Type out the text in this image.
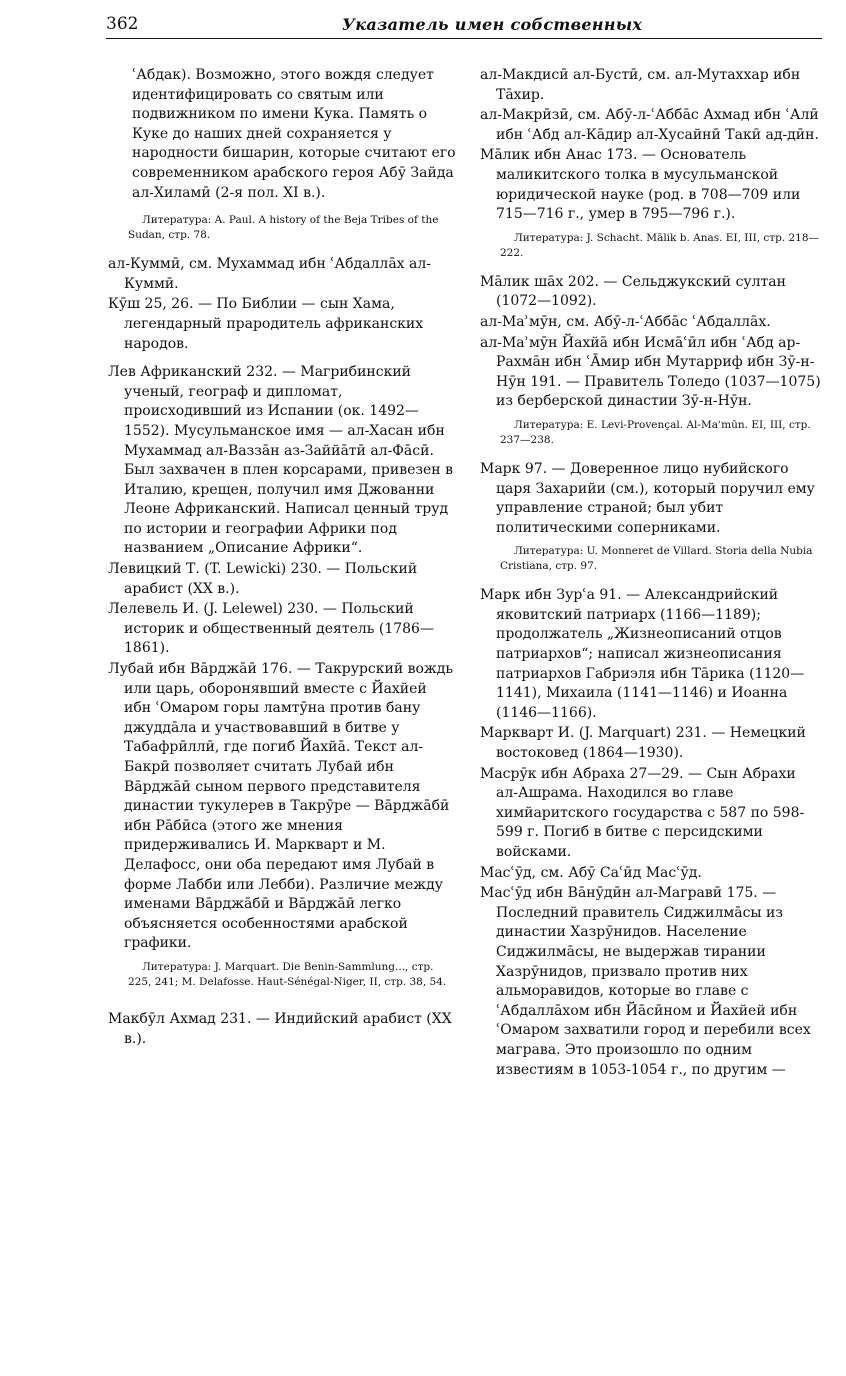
362	Указатель имен собственных

ʿАбдак). Возможно, этого вождя следует идентифицировать со святым или подвижником по имени Кука. Память о Куке до наших дней сохраняется у народности бишарин, которые считают его современником арабского героя Абӯ Зайда ал-Хиламӣ (2-я пол. XI в.).

Литература: A. Paul. A history of the Beja Tribes of the Sudan, стр. 78.

ал-Куммӣ, см. Мухаммад ибн ʿАбдаллāх ал-Куммӣ.

Кӯш 25, 26. — По Библии — сын Хама, легендарный прародитель африканских народов.

Лев Африканский 232. — Магрибинский ученый, географ и дипломат, происходивший из Испании (ок. 1492—1552). Мусульманское имя — ал-Хасан ибн Мухаммад ал-Ваззāн аз-Заййāтӣ ал-Фāсӣ. Был захвачен в плен корсарами, привезен в Италию, крещен, получил имя Джованни Леоне Африканский. Написал ценный труд по истории и географии Африки под названием „Описание Африки“.

Левицкий Т. (T. Lewicki) 230. — Польский арабист (XX в.).

Лелевель И. (J. Lelewel) 230. — Польский историк и общественный деятель (1786—1861).

Лубай ибн Вāрджāӣ 176. — Такрурский вождь или царь, оборонявший вместе с Йахйей ибн ʿОмаром горы ламтӯна против бану джуддāла и участвовавший в битве у Табафрӣллӣ, где погиб Йахйā. Текст ал-Бакрӣ позволяет считать Лубай ибн Вāрджāӣ сыном первого представителя династии тукулерев в Такрӯре — Вāрджāбӣ ибн Рāбӣса (этого же мнения придерживались И. Маркварт и М. Делафосс, они оба передают имя Лубай в форме Лабби или Лебби). Различие между именами Вāрджāбӣ и Вāрджāӣ легко объясняется особенностями арабской графики.

Литература: J. Marquart. Die Benin-Sammlung..., стр. 225, 241; M. Delafosse. Haut-Sénégal-Niger, II, стр. 38, 54.

Макбӯл Ахмад 231. — Индийский арабист (XX в.).

ал-Макдисӣ ал-Бустӣ, см. ал-Мутаххар ибн Тāхир.

ал-Макрӣзӣ, см. Абӯ-л-ʿАббāс Ахмад ибн ʿАлӣ ибн ʿАбд ал-Кāдир ал-Хусайнӣ Такӣ ад-дӣн.

Мāлик ибн Анас 173. — Основатель маликитского толка в мусульманской юридической науке (род. в 708—709 или 715—716 г., умер в 795—796 г.).

Литература: J. Schacht. Mālik b. Anas. EI, III, стр. 218—222.

Мāлик шāх 202. — Сельджукский султан (1072—1092).

ал-Маʾмӯн, см. Абӯ-л-ʿАббāс ʿАбдаллāх.

ал-Маʾмӯн Йахйā ибн Исмāʿӣл ибн ʿАбд ар-Рахмāн ибн ʿĀмир ибн Мутарриф ибн Зӯ-н-Нӯн 191. — Правитель Толедо (1037—1075) из берберской династии Зӯ-н-Нӯн.

Литература: E. Levi-Provençal. Al-Maʾmūn. EI, III, стр. 237—238.

Марк 97. — Доверенное лицо нубийского царя Захарийи (см.), который поручил ему управление страной; был убит политическими соперниками.

Литература: U. Monneret de Villard. Storia della Nubia Cristiana, стр. 97.

Марк ибн Зурʿа 91. — Александрийский яковитский патриарх (1166—1189); продолжатель „Жизнеописаний отцов патриархов“; написал жизнеописания патриархов Габриэля ибн Тāрика (1120—1141), Михаила (1141—1146) и Иоанна (1146—1166).

Маркварт И. (J. Marquart) 231. — Немецкий востоковед (1864—1930).

Масрӯк ибн Абраха 27—29. — Сын Абрахи ал-Ашрама. Находился во главе химйаритского государства с 587 по 598-599 г. Погиб в битве с персидскими войсками.

Масʿӯд, см. Абӯ Саʿӣд Масʿӯд.

Масʿӯд ибн Вāнӯдӣн ал-Магравӣ 175. — Последний правитель Сиджилмāсы из династии Хазрӯнидов. Население Сиджилмāсы, не выдержав тирании Хазрӯнидов, призвало против них альморавидов, которые во главе с ʿАбдаллāхом ибн Йāсӣном и Йахйей ибн ʿОмаром захватили город и перебили всех маграва. Это произошло по одним известиям в 1053-1054 г., по другим —
